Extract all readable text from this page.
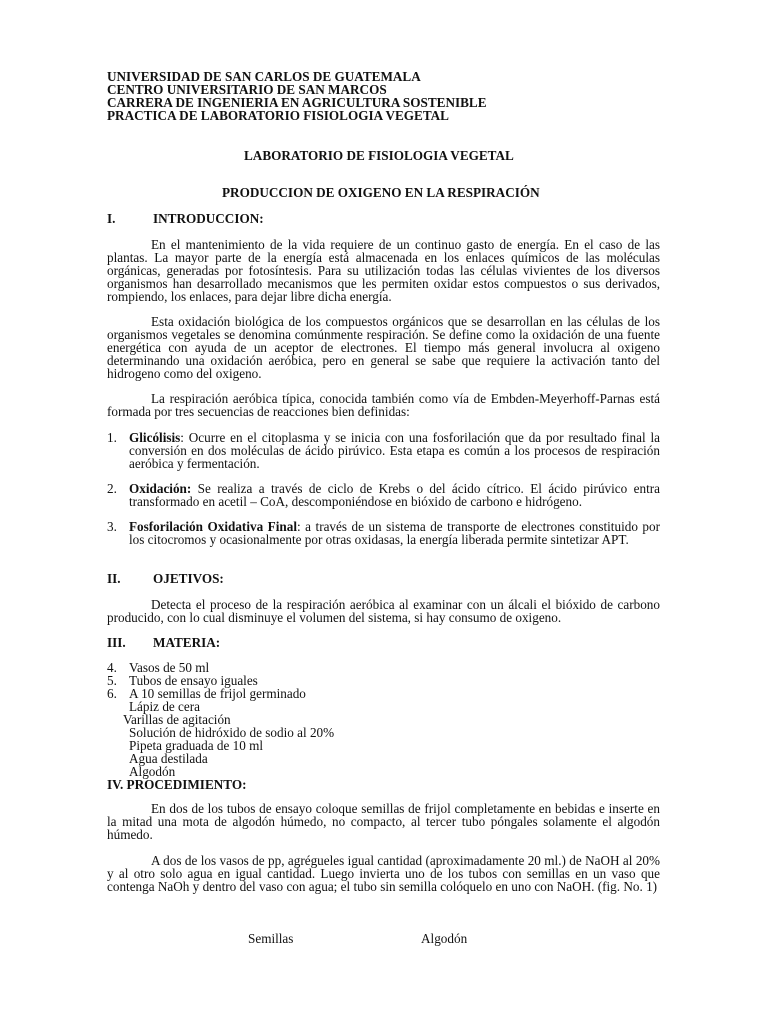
UNIVERSIDAD DE SAN CARLOS DE GUATEMALA
CENTRO UNIVERSITARIO DE SAN MARCOS
CARRERA DE INGENIERIA EN AGRICULTURA SOSTENIBLE
PRACTICA DE LABORATORIO FISIOLOGIA VEGETAL
LABORATORIO DE FISIOLOGIA VEGETAL
PRODUCCION DE OXIGENO EN LA RESPIRACIÓN
I.	INTRODUCCION:
En el mantenimiento de la vida requiere de un continuo gasto de energía. En el caso de las plantas. La mayor parte de la energía está almacenada en los enlaces químicos de las moléculas orgánicas, generadas por fotosíntesis. Para su utilización todas las células vivientes de los diversos organismos han desarrollado mecanismos que les permiten oxidar estos compuestos o sus derivados, rompiendo, los enlaces, para dejar libre dicha energía.
Esta oxidación biológica de los compuestos orgánicos que se desarrollan en las células de los organismos vegetales se denomina comúnmente respiración. Se define como la oxidación de una fuente energética con ayuda de un aceptor de electrones. El tiempo más general involucra al oxigeno determinando una oxidación aeróbica, pero en general se sabe que requiere la activación tanto del hidrogeno como del oxigeno.
La respiración aeróbica típica, conocida también como vía de Embden-Meyerhoff-Parnas está formada por tres secuencias de reacciones bien definidas:
1. Glicólisis: Ocurre en el citoplasma y se inicia con una fosforilación que da por resultado final la conversión en dos moléculas de ácido pirúvico. Esta etapa es común a los procesos de respiración aeróbica y fermentación.
2. Oxidación: Se realiza a través de ciclo de Krebs o del ácido cítrico. El ácido pirúvico entra transformado en acetil – CoA, descomponiéndose en bióxido de carbono e hidrógeno.
3. Fosforilación Oxidativa Final: a través de un sistema de transporte de electrones constituido por los citocromos y ocasionalmente por otras oxidasas, la energía liberada permite sintetizar APT.
II. OJETIVOS:
Detecta el proceso de la respiración aeróbica al examinar con un álcali el bióxido de carbono producido, con lo cual disminuye el volumen del sistema, si hay consumo de oxigeno.
III. MATERIA:
4. Vasos de 50 ml
5. Tubos de ensayo iguales
6. A 10 semillas de frijol germinado
Lápiz de cera
Varillas de agitación
Solución de hidróxido de sodio al 20%
Pipeta graduada de 10 ml
Agua destilada
Algodón
IV. PROCEDIMIENTO:
En dos de los tubos de ensayo coloque semillas de frijol completamente en bebidas e inserte en la mitad una mota de algodón húmedo, no compacto, al tercer tubo póngales solamente el algodón húmedo.
A dos de los vasos de pp, agrégueles igual cantidad (aproximadamente 20 ml.) de NaOH al 20% y al otro solo agua en igual cantidad. Luego invierta uno de los tubos con semillas en un vaso que contenga NaOh y dentro del vaso con agua; el tubo sin semilla colóquelo en uno con NaOH. (fig. No. 1)
Semillas	Algodón
